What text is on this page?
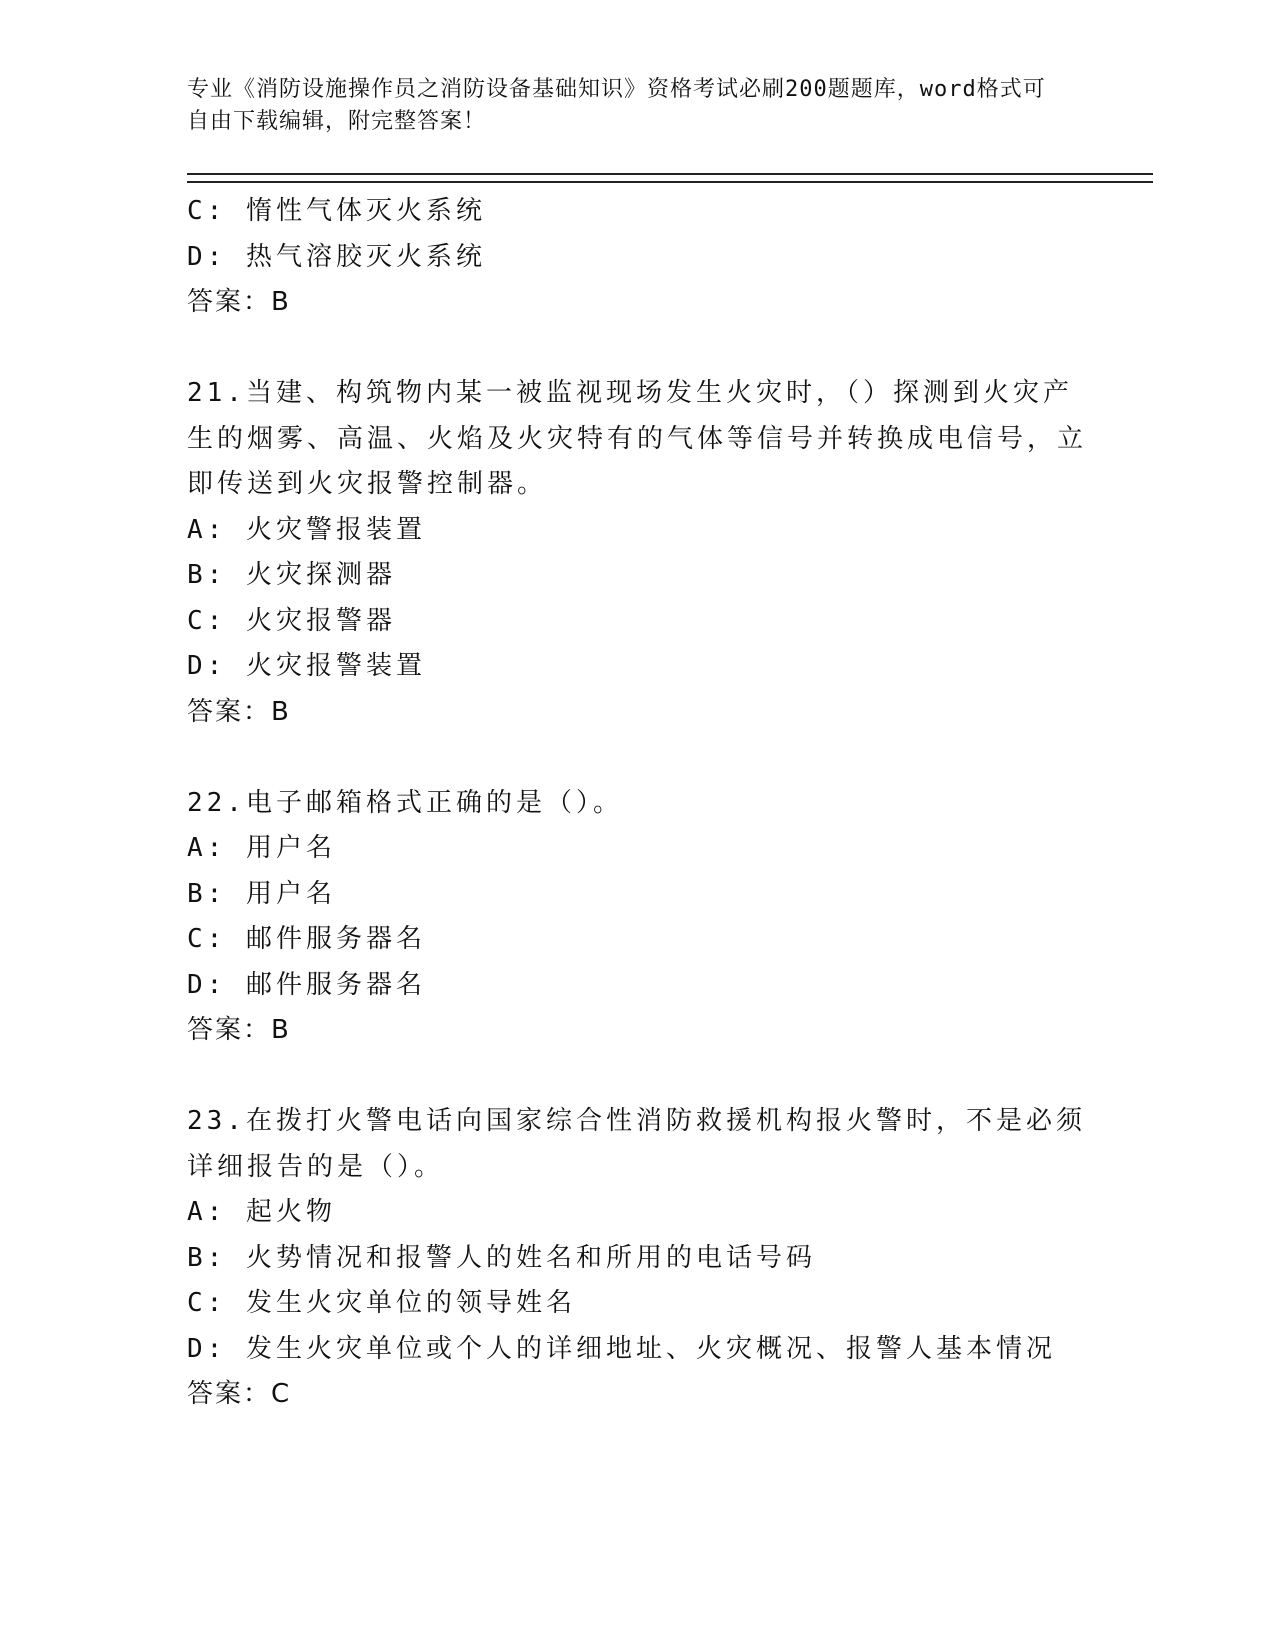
专业《消防设施操作员之消防设备基础知识》资格考试必刷200题题库，word格式可自由下载编辑，附完整答案！
C: 惰性气体灭火系统
D: 热气溶胶灭火系统
答案：B
21.当建、构筑物内某一被监视现场发生火灾时，（）探测到火灾产生的烟雾、高温、火焰及火灾特有的气体等信号并转换成电信号，立即传送到火灾报警控制器。
A: 火灾警报装置
B: 火灾探测器
C: 火灾报警器
D: 火灾报警装置
答案：B
22.电子邮箱格式正确的是（）。
A: 用户名
B: 用户名
C: 邮件服务器名
D: 邮件服务器名
答案：B
23.在拨打火警电话向国家综合性消防救援机构报火警时，不是必须详细报告的是（）。
A: 起火物
B: 火势情况和报警人的姓名和所用的电话号码
C: 发生火灾单位的领导姓名
D: 发生火灾单位或个人的详细地址、火灾概况、报警人基本情况
答案：C
